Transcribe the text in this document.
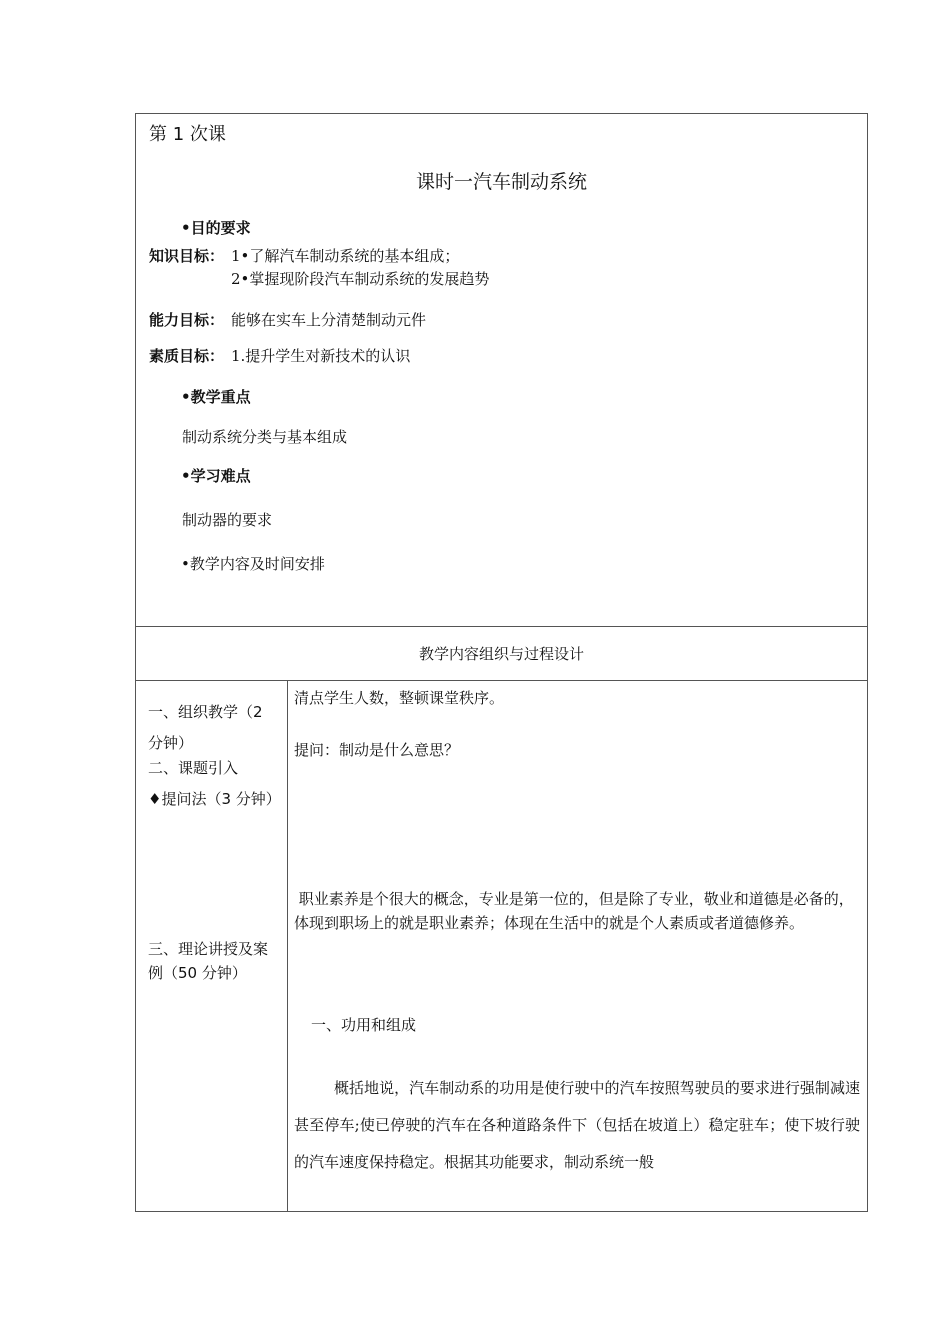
第 1 次课
课时一汽车制动系统
•目的要求
知识目标： 1•了解汽车制动系统的基本组成；
2•掌握现阶段汽车制动系统的发展趋势
能力目标： 能够在实车上分清楚制动元件
素质目标： 1.提升学生对新技术的认识
•教学重点
制动系统分类与基本组成
•学习难点
制动器的要求
•教学内容及时间安排
教学内容组织与过程设计
一、组织教学（2
分钟）
二、课题引入
♦提问法（3 分钟）
三、理论讲授及案
例（50 分钟）
清点学生人数，整顿课堂秩序。
提问：制动是什么意思？
职业素养是个很大的概念，专业是第一位的，但是除了专业，敬业和道德是必备的，体现到职场上的就是职业素养；体现在生活中的就是个人素质或者道德修养。
一、功用和组成
概括地说，汽车制动系的功用是使行驶中的汽车按照驾驶员的要求进行强制减速甚至停车;使已停驶的汽车在各种道路条件下（包括在坡道上）稳定驻车；使下坡行驶的汽车速度保持稳定。根据其功能要求，制动系统一般
